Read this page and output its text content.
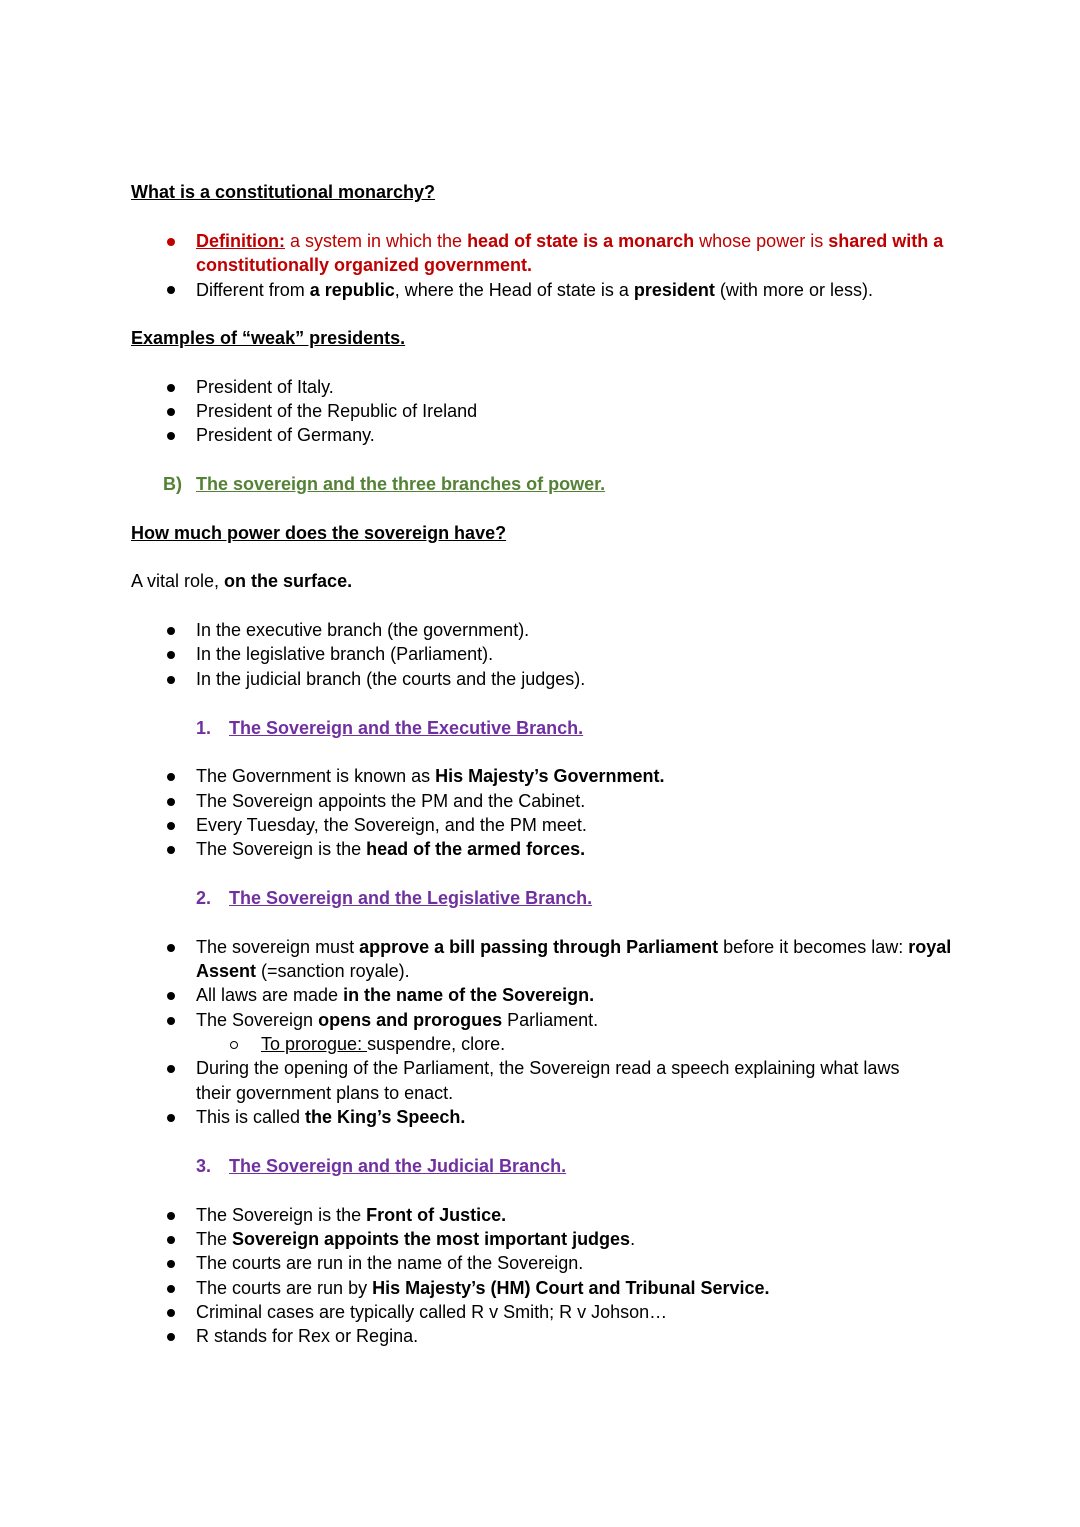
What is a constitutional monarchy?
Definition: a system in which the head of state is a monarch whose power is shared with a
constitutionally organized government.
Different from a republic, where the Head of state is a president (with more or less).
Examples of “weak” presidents.
President of Italy.
President of the Republic of Ireland
President of Germany.
B) The sovereign and the three branches of power.
How much power does the sovereign have?
A vital role, on the surface.
In the executive branch (the government).
In the legislative branch (Parliament).
In the judicial branch (the courts and the judges).
1. The Sovereign and the Executive Branch.
The Government is known as His Majesty’s Government.
The Sovereign appoints the PM and the Cabinet.
Every Tuesday, the Sovereign, and the PM meet.
The Sovereign is the head of the armed forces.
2. The Sovereign and the Legislative Branch.
The sovereign must approve a bill passing through Parliament before it becomes law: royal
Assent (=sanction royale).
All laws are made in the name of the Sovereign.
The Sovereign opens and prorogues Parliament.
To prorogue: suspendre, clore.
During the opening of the Parliament, the Sovereign read a speech explaining what laws
their government plans to enact.
This is called the King’s Speech.
3. The Sovereign and the Judicial Branch.
The Sovereign is the Front of Justice.
The Sovereign appoints the most important judges.
The courts are run in the name of the Sovereign.
The courts are run by His Majesty’s (HM) Court and Tribunal Service.
Criminal cases are typically called R v Smith; R v Johson…
R stands for Rex or Regina.
